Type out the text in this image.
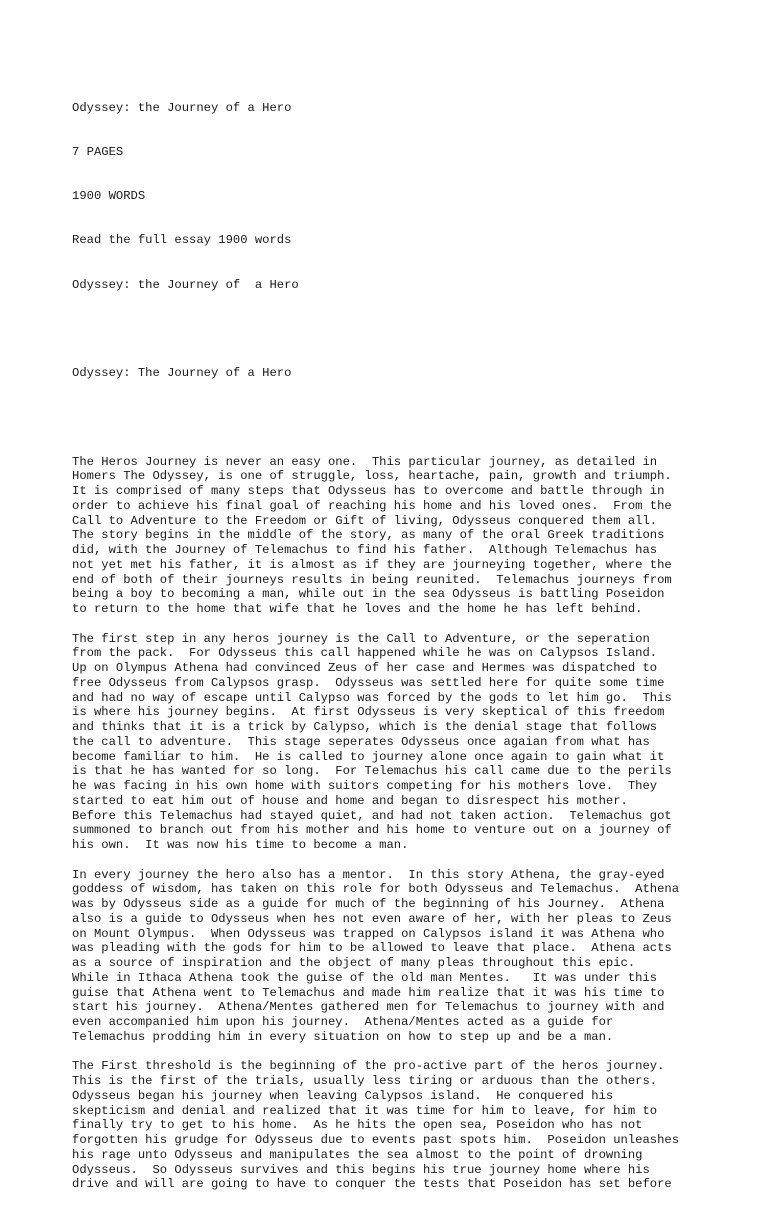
Odyssey: the Journey of a Hero

7 PAGES

1900 WORDS

Read the full essay 1900 words

Odyssey: the Journey of  a Hero

Odyssey: The Journey of a Hero

The Heros Journey is never an easy one.  This particular journey, as detailed in
Homers The Odyssey, is one of struggle, loss, heartache, pain, growth and triumph.
It is comprised of many steps that Odysseus has to overcome and battle through in
order to achieve his final goal of reaching his home and his loved ones.  From the
Call to Adventure to the Freedom or Gift of living, Odysseus conquered them all.
The story begins in the middle of the story, as many of the oral Greek traditions
did, with the Journey of Telemachus to find his father.  Although Telemachus has
not yet met his father, it is almost as if they are journeying together, where the
end of both of their journeys results in being reunited.  Telemachus journeys from
being a boy to becoming a man, while out in the sea Odysseus is battling Poseidon
to return to the home that wife that he loves and the home he has left behind.
The first step in any heros journey is the Call to Adventure, or the seperation
from the pack.  For Odysseus this call happened while he was on Calypsos Island.
Up on Olympus Athena had convinced Zeus of her case and Hermes was dispatched to
free Odysseus from Calypsos grasp.  Odysseus was settled here for quite some time
and had no way of escape until Calypso was forced by the gods to let him go.  This
is where his journey begins.  At first Odysseus is very skeptical of this freedom
and thinks that it is a trick by Calypso, which is the denial stage that follows
the call to adventure.  This stage seperates Odysseus once agaian from what has
become familiar to him.  He is called to journey alone once again to gain what it
is that he has wanted for so long.  For Telemachus his call came due to the perils
he was facing in his own home with suitors competing for his mothers love.  They
started to eat him out of house and home and began to disrespect his mother.
Before this Telemachus had stayed quiet, and had not taken action.  Telemachus got
summoned to branch out from his mother and his home to venture out on a journey of
his own.  It was now his time to become a man.
In every journey the hero also has a mentor.  In this story Athena, the gray-eyed
goddess of wisdom, has taken on this role for both Odysseus and Telemachus.  Athena
was by Odysseus side as a guide for much of the beginning of his Journey.  Athena
also is a guide to Odysseus when hes not even aware of her, with her pleas to Zeus
on Mount Olympus.  When Odysseus was trapped on Calypsos island it was Athena who
was pleading with the gods for him to be allowed to leave that place.  Athena acts
as a source of inspiration and the object of many pleas throughout this epic.
While in Ithaca Athena took the guise of the old man Mentes.   It was under this
guise that Athena went to Telemachus and made him realize that it was his time to
start his journey.  Athena/Mentes gathered men for Telemachus to journey with and
even accompanied him upon his journey.  Athena/Mentes acted as a guide for
Telemachus prodding him in every situation on how to step up and be a man.
The First threshold is the beginning of the pro-active part of the heros journey.
This is the first of the trials, usually less tiring or arduous than the others.
Odysseus began his journey when leaving Calypsos island.  He conquered his
skepticism and denial and realized that it was time for him to leave, for him to
finally try to get to his home.  As he hits the open sea, Poseidon who has not
forgotten his grudge for Odysseus due to events past spots him.  Poseidon unleashes
his rage unto Odysseus and manipulates the sea almost to the point of drowning
Odysseus.  So Odysseus survives and this begins his true journey home where his
drive and will are going to have to conquer the tests that Poseidon has set before
